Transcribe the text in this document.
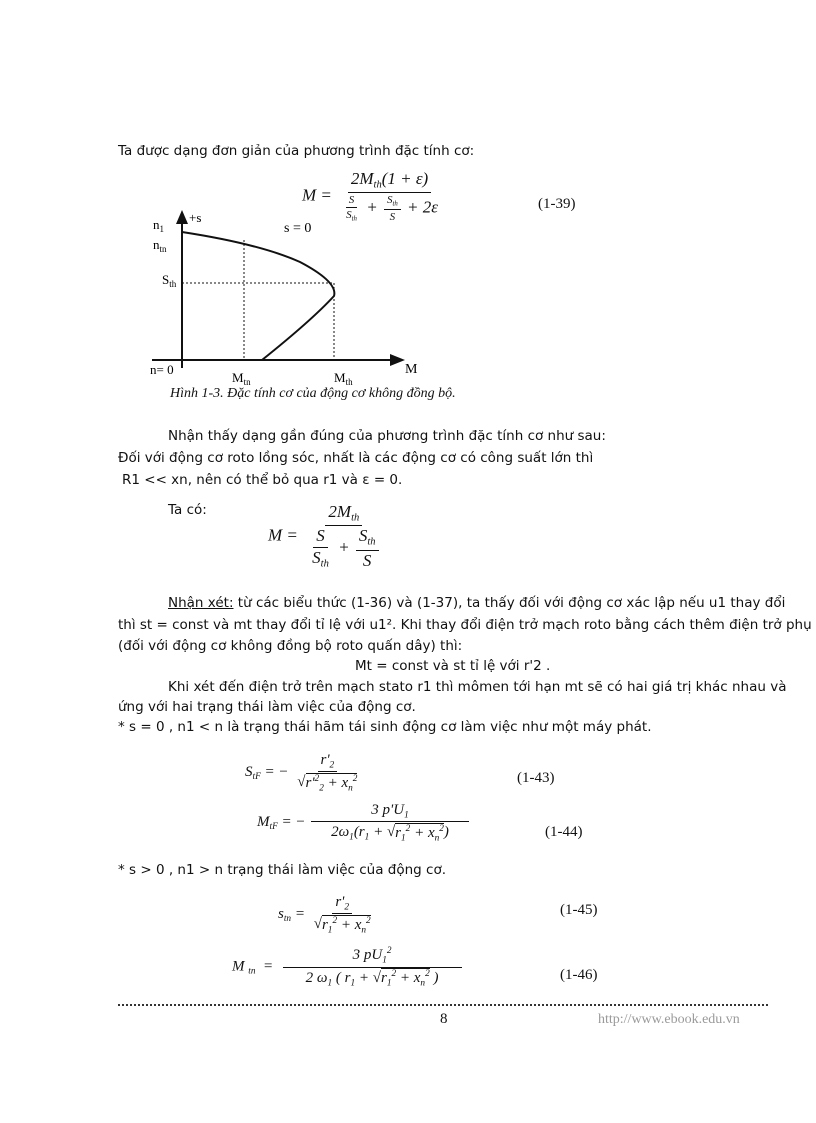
Ta được dạng đơn giản của phương trình đặc tính cơ:
$M = \frac{2M_{th}(1 + \varepsilon)}{\frac{S}{S_{th}} + \frac{S_{th}}{S} + 2\varepsilon}$	(1-39)
$n_1$
+s
$n_{tn}$
s = 0
$S_{th}$
n= 0
$M_{tn}$	$M_{th}$
M
Hình 1-3. Đặc tính cơ của động cơ không đồng bộ.
Nhận thấy dạng gần đúng của phương trình đặc tính cơ như sau:
Đối với động cơ roto lồng sóc, nhất là các động cơ có công suất lớn thì
R1 << xn, nên có thể bỏ qua r1 và ε = 0.
Ta có:
$M = \frac{2M_{th}}{\frac{S}{S_{th}} + \frac{S_{th}}{S}}$
Nhận xét: từ các biểu thức (1-36) và (1-37), ta thấy đối với động cơ xác lập nếu u1 thay đổi
thì st = const và mt thay đổi tỉ lệ với u1². Khi thay đổi điện trở mạch roto bằng cách thêm điện trở phụ
(đối với động cơ không đồng bộ roto quấn dây) thì:
Mt = const và st tỉ lệ với r'2 .
Khi xét đến điện trở trên mạch stato r1 thì mômen tới hạn mt sẽ có hai giá trị khác nhau và
ứng với hai trạng thái làm việc của động cơ.
* s = 0 , n1 < n là trạng thái hãm tái sinh động cơ làm việc như một máy phát.
$S_{tF}$ = − $\frac{r'_2}{√r'^2_2 + x_n^2}$	(1-43)
$M_{tF}$ = − $\frac{3 p'U_1}{2\omega_1(r_1 + √r_1^2 + x_n^2)}$	(1-44)
* s > 0 , n1 > n trạng thái làm việc của động cơ.
$s_{tn} = \frac{r'_2}{√r_1^2 + x_n^2}$	(1-45)
M $_{tn} = \frac{3 pU_1^2}{2 \omega_1 ( r_1 + √r_1^2 + x_n^2 )}$	(1-46)
8	http://www.ebook.edu.vn
